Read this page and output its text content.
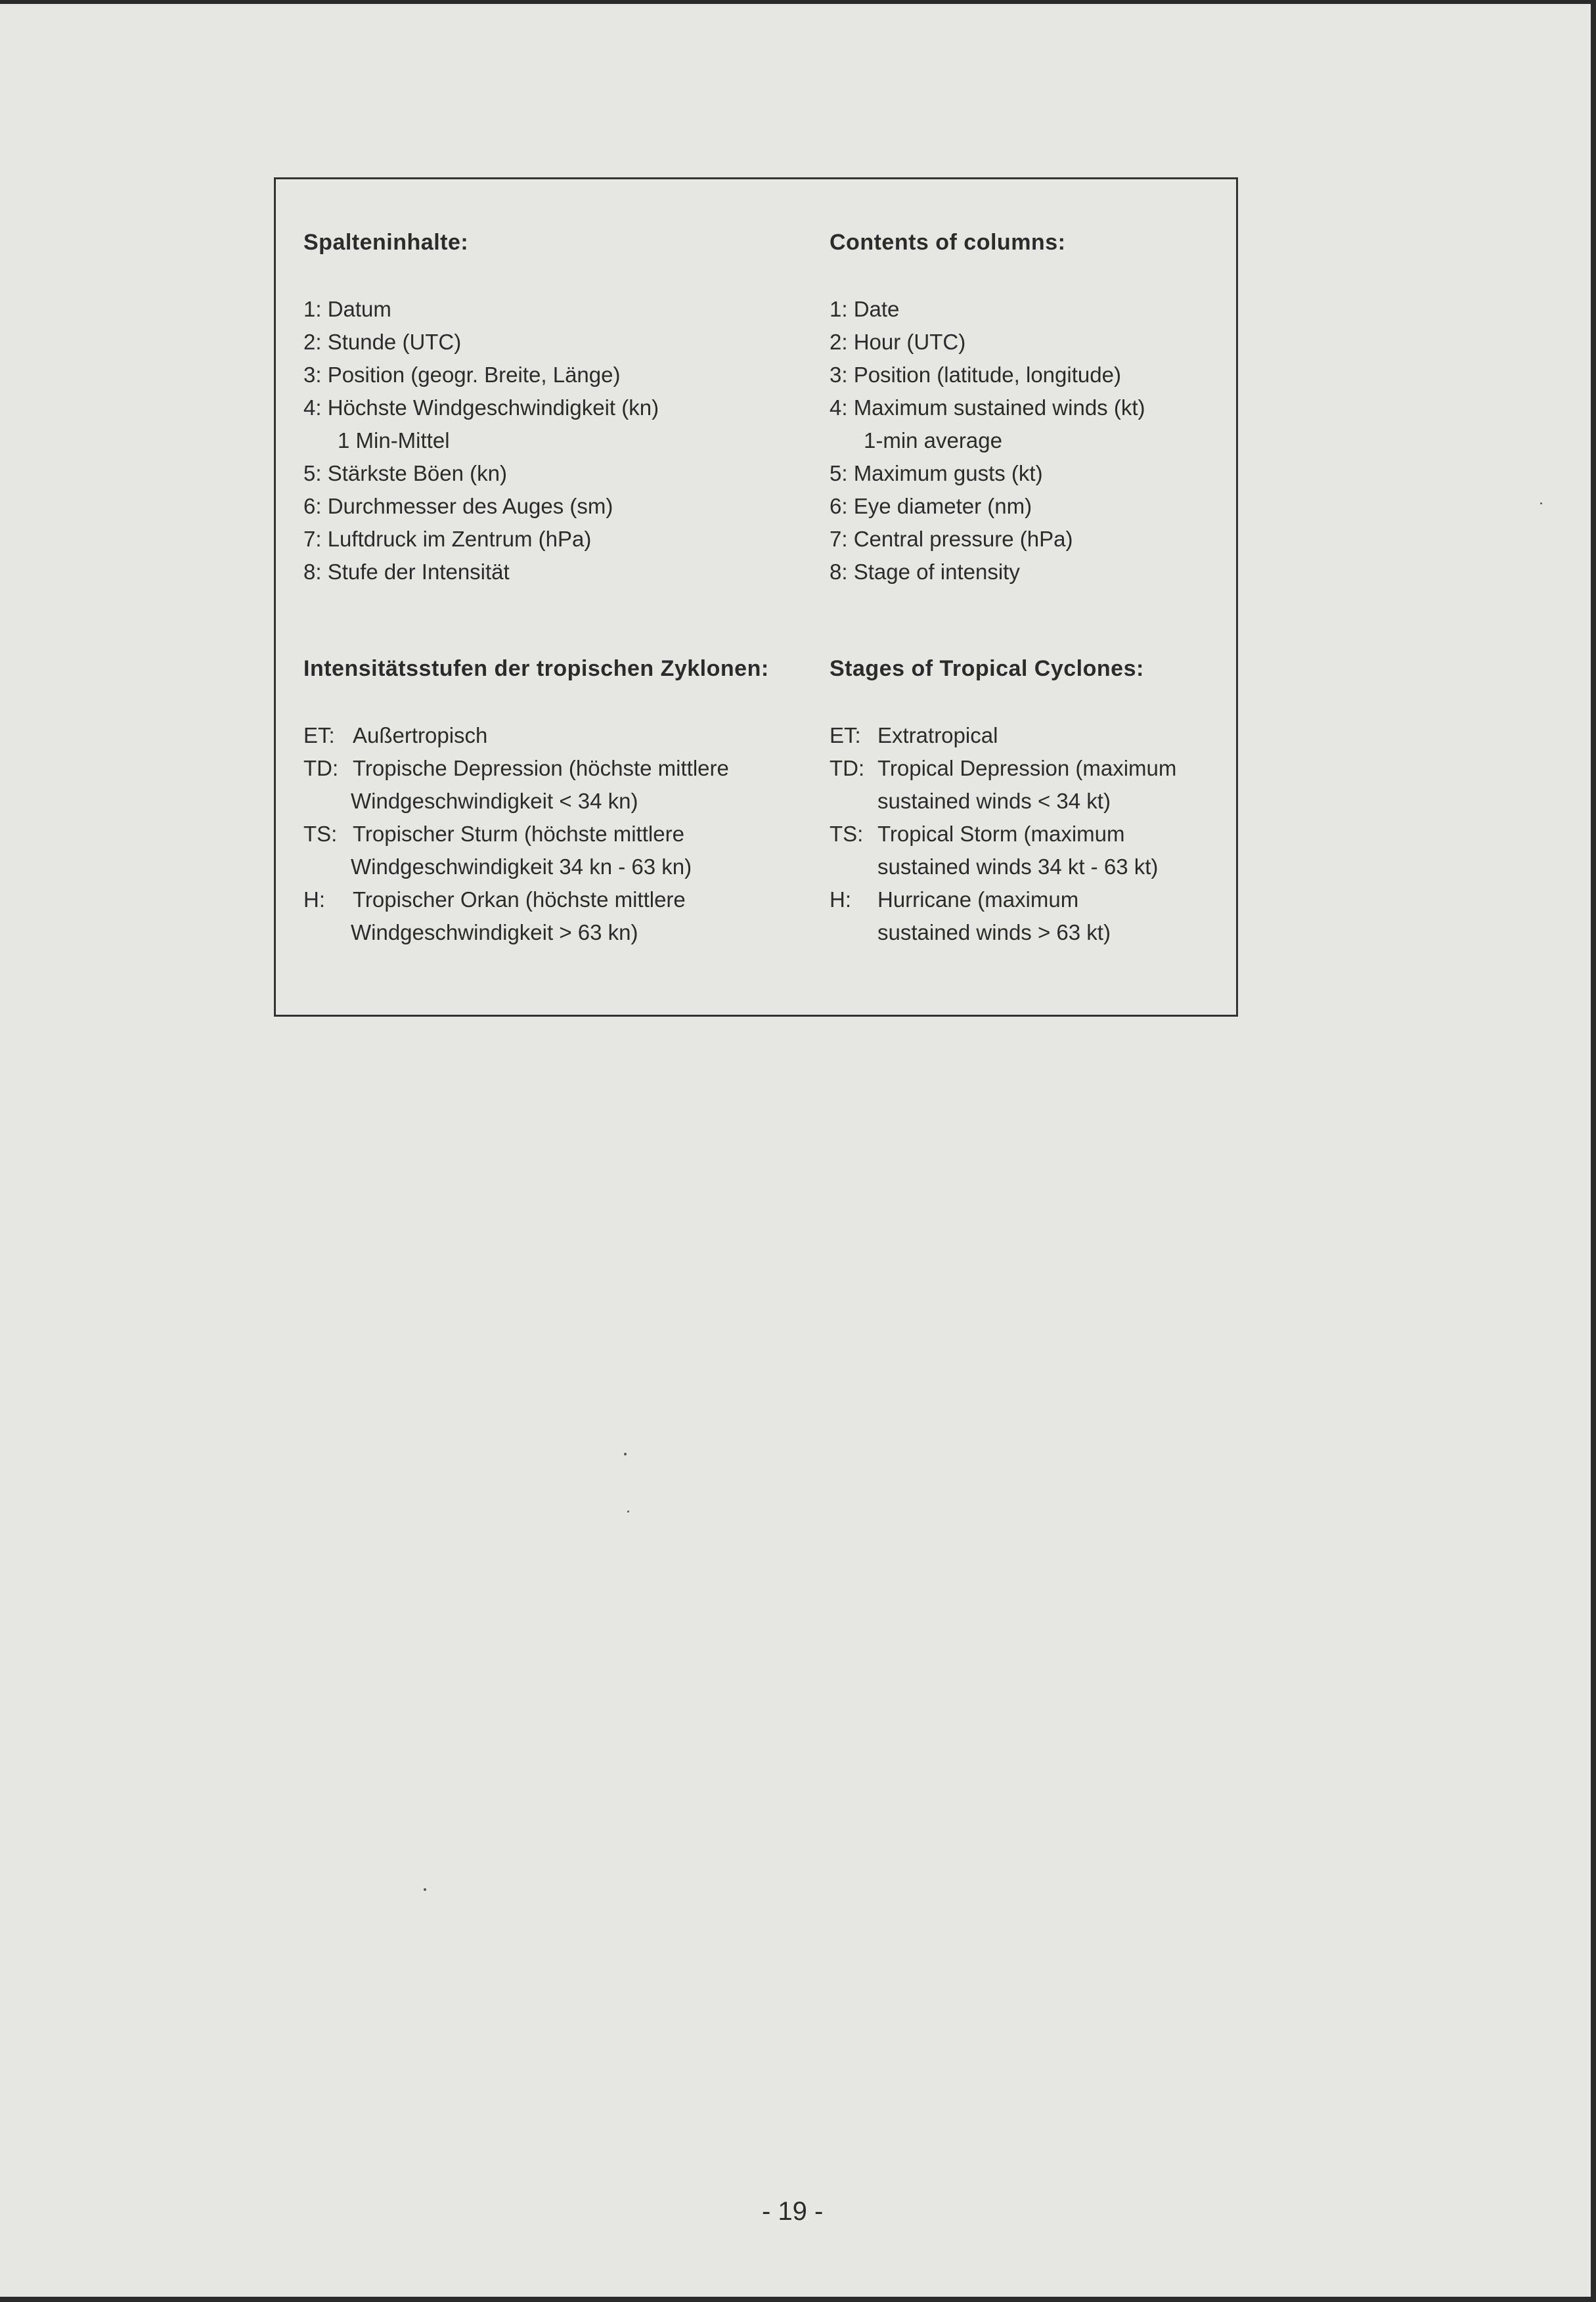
Spalteninhalte:
1: Datum
2: Stunde (UTC)
3: Position (geogr. Breite, Länge)
4: Höchste Windgeschwindigkeit (kn)
1 Min-Mittel
5: Stärkste Böen (kn)
6: Durchmesser des Auges (sm)
7: Luftdruck im Zentrum (hPa)
8: Stufe der Intensität
Intensitätsstufen der tropischen Zyklonen:
ET: Außertropisch
TD: Tropische Depression (höchste mittlere
Windgeschwindigkeit < 34 kn)
TS: Tropischer Sturm (höchste mittlere
Windgeschwindigkeit 34 kn - 63 kn)
H: Tropischer Orkan (höchste mittlere
Windgeschwindigkeit > 63 kn)
Contents of columns:
1: Date
2: Hour (UTC)
3: Position (latitude, longitude)
4: Maximum sustained winds (kt)
1-min average
5: Maximum gusts (kt)
6: Eye diameter (nm)
7: Central pressure (hPa)
8: Stage of intensity
Stages of Tropical Cyclones:
ET: Extratropical
TD: Tropical Depression (maximum
sustained winds < 34 kt)
TS: Tropical Storm (maximum
sustained winds 34 kt - 63 kt)
H: Hurricane (maximum
sustained winds > 63 kt)
- 19 -
